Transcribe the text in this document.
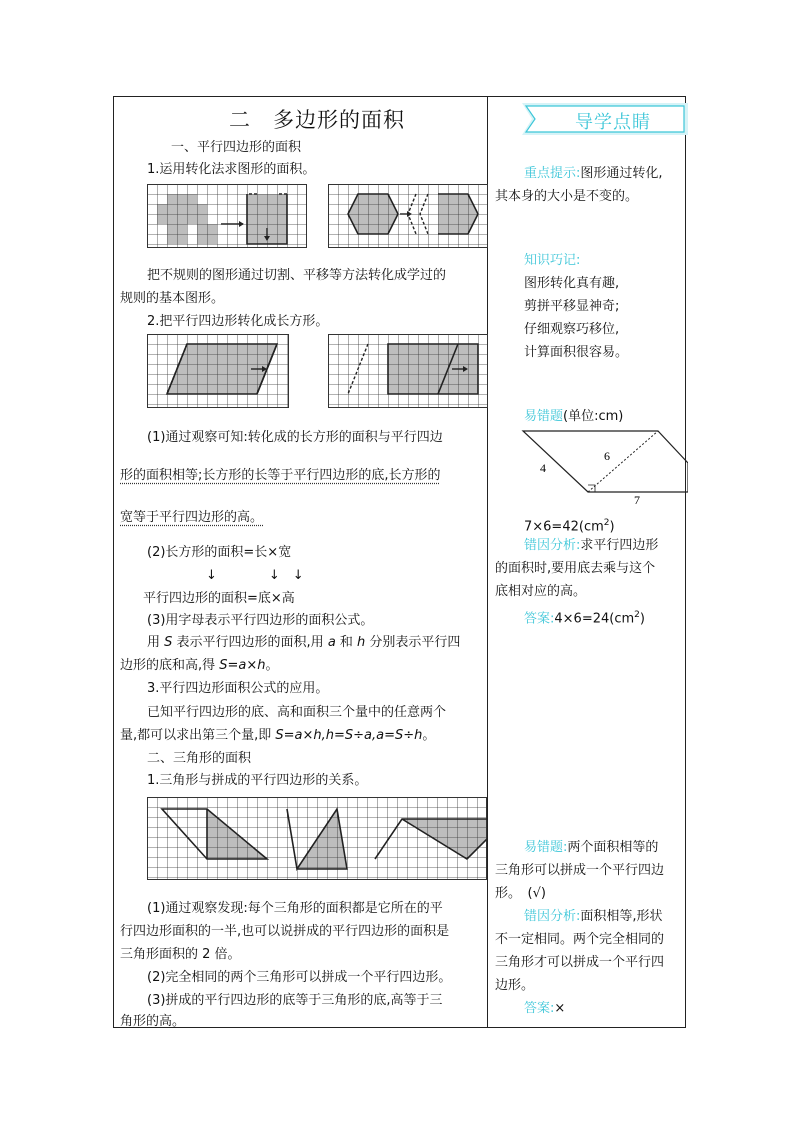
二　多边形的面积
一、平行四边形的面积
1.运用转化法求图形的面积。
把不规则的图形通过切割、平移等方法转化成学过的
规则的基本图形。
2.把平行四边形转化成长方形。
(1)通过观察可知:转化成的长方形的面积与平行四边
形的面积相等;长方形的长等于平行四边形的底,长方形的
宽等于平行四边形的高。
(2)长方形的面积=长×宽
↓　　　　↓　↓
平行四边形的面积=底×高
(3)用字母表示平行四边形的面积公式。
用 S 表示平行四边形的面积,用 a 和 h 分别表示平行四
边形的底和高,得 S=a×h。
3.平行四边形面积公式的应用。
已知平行四边形的底、高和面积三个量中的任意两个
量,都可以求出第三个量,即 S=a×h,h=S÷a,a=S÷h。
二、三角形的面积
1.三角形与拼成的平行四边形的关系。
(1)通过观察发现:每个三角形的面积都是它所在的平
行四边形面积的一半,也可以说拼成的平行四边形的面积是
三角形面积的 2 倍。
(2)完全相同的两个三角形可以拼成一个平行四边形。
(3)拼成的平行四边形的底等于三角形的底,高等于三
角形的高。
导学点睛
重点提示:图形通过转化,
其本身的大小是不变的。
知识巧记:
图形转化真有趣,
剪拼平移显神奇;
仔细观察巧移位,
计算面积很容易。
易错题(单位:cm)
4
6
7
$7\times 6=42(cm^2)$
错因分析:求平行四边形
的面积时,要用底去乘与这个
底相对应的高。
答案$:4\times 6=24(cm^2)$
易错题:两个面积相等的
三角形可以拼成一个平行四边
形。　(√)
错因分析:面积相等,形状
不一定相同。两个完全相同的
三角形才可以拼成一个平行四
边形。
答案:×
